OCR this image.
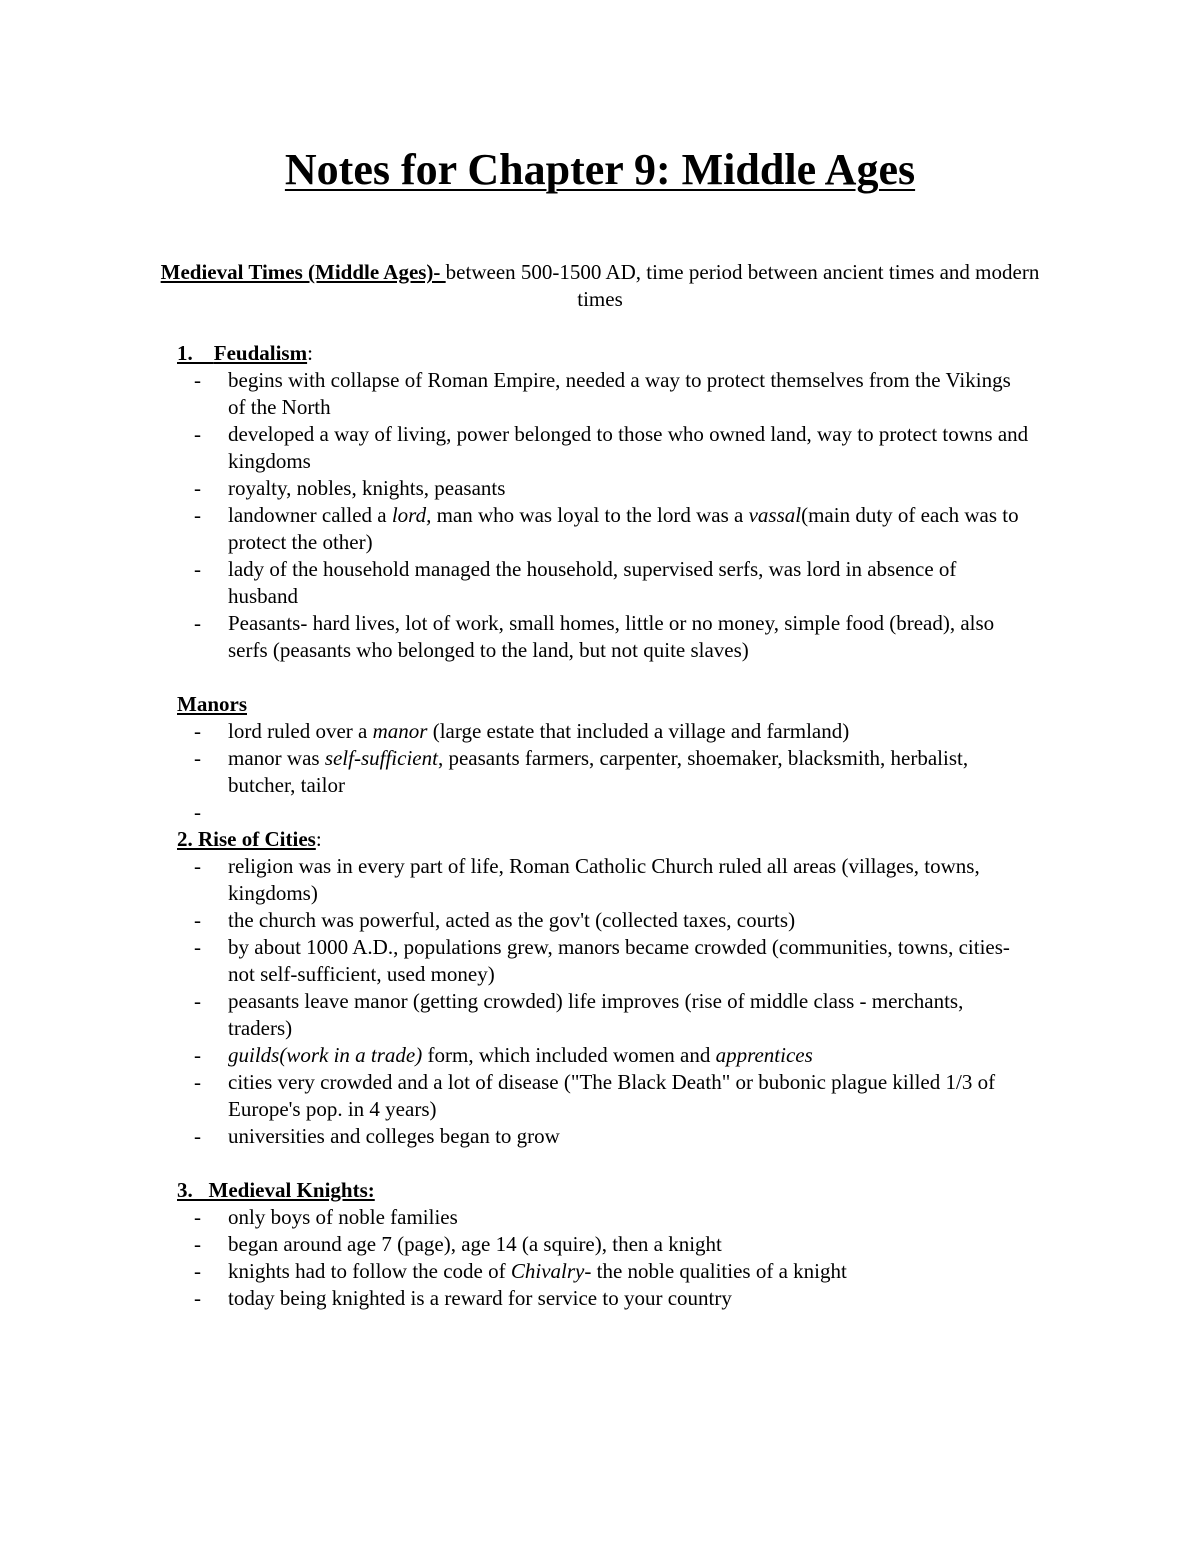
Notes for Chapter 9: Middle Ages

Medieval Times (Middle Ages)- between 500-1500 AD, time period between ancient times and modern times

1.    Feudalism:
- begins with collapse of Roman Empire, needed a way to protect themselves from the Vikings of the North
- developed a way of living, power belonged to those who owned land, way to protect towns and kingdoms
- royalty, nobles, knights, peasants
- landowner called a lord, man who was loyal to the lord was a vassal(main duty of each was to protect the other)
- lady of the household managed the household, supervised serfs, was lord in absence of husband
- Peasants- hard lives, lot of work, small homes, little or no money, simple food (bread), also serfs (peasants who belonged to the land, but not quite slaves)
Manors
- lord ruled over a manor (large estate that included a village and farmland)
- manor was self-sufficient, peasants farmers, carpenter, shoemaker, blacksmith, herbalist, butcher, tailor
-

2. Rise of Cities:
- religion was in every part of life, Roman Catholic Church ruled all areas (villages, towns, kingdoms)
- the church was powerful, acted as the gov't (collected taxes, courts)
- by about 1000 A.D., populations grew, manors became crowded (communities, towns, cities- not self-sufficient, used money)
- peasants leave manor (getting crowded) life improves (rise of middle class - merchants, traders)
- guilds(work in a trade) form, which included women and apprentices
- cities very crowded and a lot of disease ("The Black Death" or bubonic plague killed 1/3 of Europe's pop. in 4 years)
- universities and colleges began to grow
3.   Medieval Knights:
- only boys of noble families
- began around age 7 (page), age 14 (a squire), then a knight
- knights had to follow the code of Chivalry- the noble qualities of a knight
- today being knighted is a reward for service to your country
